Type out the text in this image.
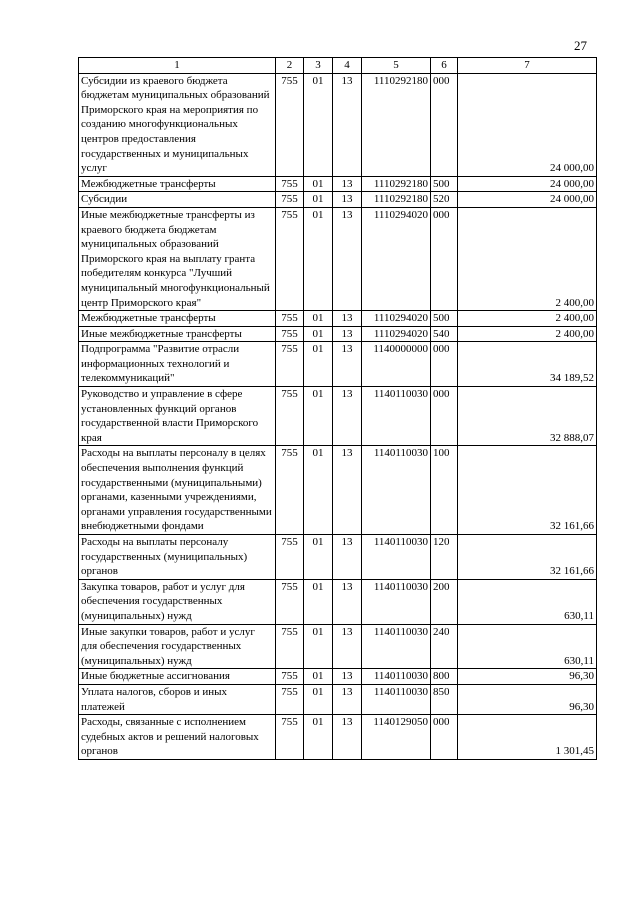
27
1	2	3	4	5	6	7
Субсидии из краевого бюджета бюджетам муниципальных образований Приморского края на мероприятия по созданию многофункциональных центров предоставления государственных и муниципальных услуг	755	01	13	1110292180	000	24 000,00
Межбюджетные трансферты	755	01	13	1110292180	500	24 000,00
Субсидии	755	01	13	1110292180	520	24 000,00
Иные межбюджетные трансферты из краевого бюджета бюджетам муниципальных образований Приморского края на выплату гранта победителям конкурса "Лучший муниципальный многофункциональный центр Приморского края"	755	01	13	1110294020	000	2 400,00
Межбюджетные трансферты	755	01	13	1110294020	500	2 400,00
Иные межбюджетные трансферты	755	01	13	1110294020	540	2 400,00
Подпрограмма "Развитие отрасли информационных технологий и телекоммуникаций"	755	01	13	1140000000	000	34 189,52
Руководство и управление в сфере установленных функций органов государственной власти Приморского края	755	01	13	1140110030	000	32 888,07
Расходы на выплаты персоналу в целях обеспечения выполнения функций государственными (муниципальными) органами, казенными учреждениями, органами управления государственными внебюджетными фондами	755	01	13	1140110030	100	32 161,66
Расходы на выплаты персоналу государственных (муниципальных) органов	755	01	13	1140110030	120	32 161,66
Закупка товаров, работ и услуг для обеспечения государственных (муниципальных) нужд	755	01	13	1140110030	200	630,11
Иные закупки товаров, работ и услуг для обеспечения государственных (муниципальных) нужд	755	01	13	1140110030	240	630,11
Иные бюджетные ассигнования	755	01	13	1140110030	800	96,30
Уплата налогов, сборов и иных платежей	755	01	13	1140110030	850	96,30
Расходы, связанные с исполнением судебных актов и решений налоговых органов	755	01	13	1140129050	000	1 301,45
